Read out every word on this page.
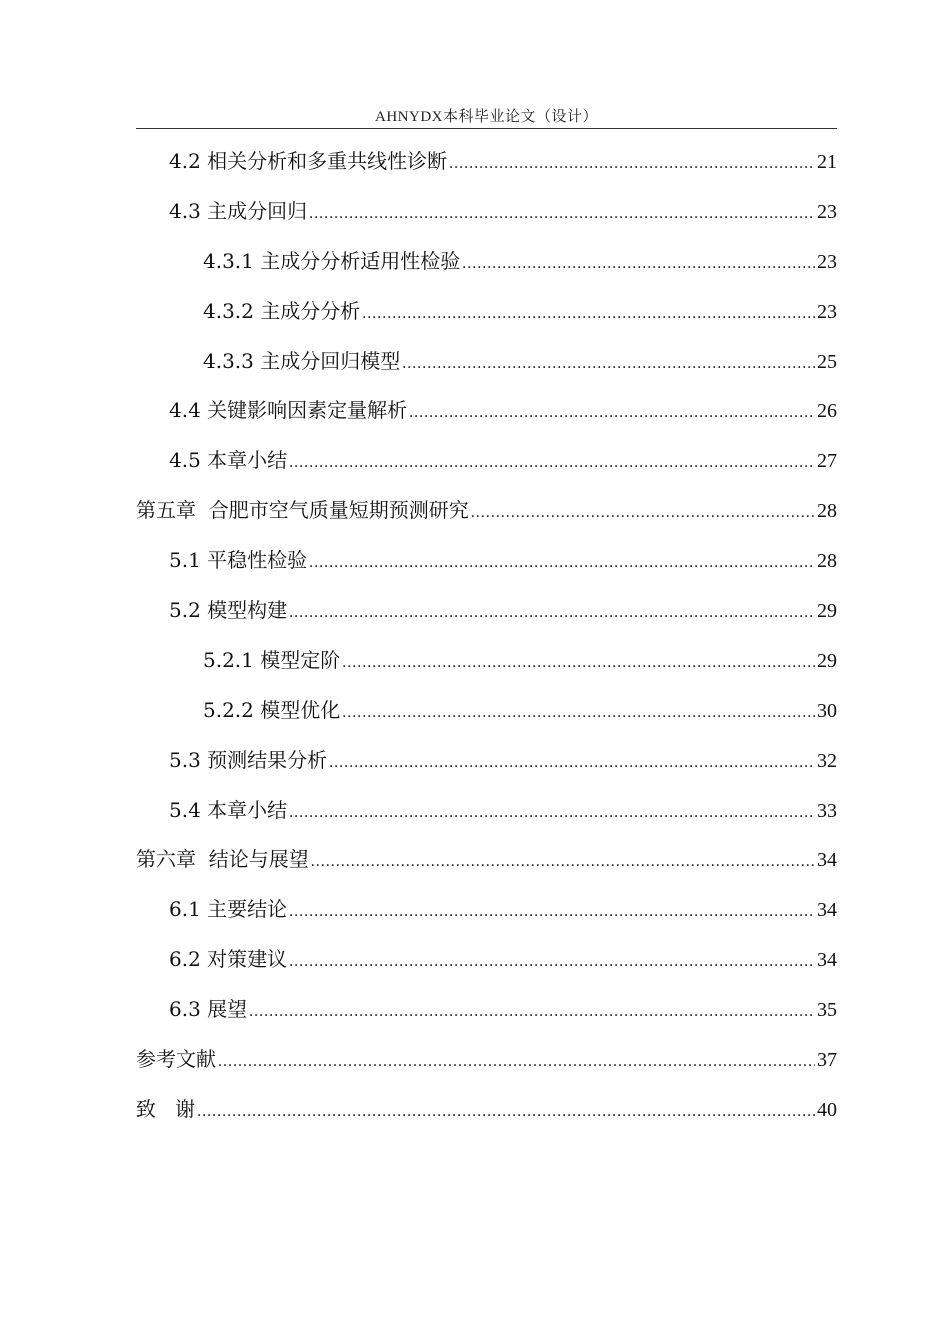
AHNYDX本科毕业论文（设计）
4.2 相关分析和多重共线性诊断 .....	21
4.3 主成分回归 .....	23
4.3.1 主成分分析适用性检验 .....	23
4.3.2 主成分分析 .....	23
4.3.3 主成分回归模型 .....	25
4.4 关键影响因素定量解析 .....	26
4.5 本章小结 .....	27
第五章  合肥市空气质量短期预测研究 .....	28
5.1 平稳性检验 .....	28
5.2 模型构建 .....	29
5.2.1 模型定阶 .....	29
5.2.2 模型优化 .....	30
5.3 预测结果分析 .....	32
5.4 本章小结 .....	33
第六章  结论与展望 .....	34
6.1 主要结论 .....	34
6.2 对策建议 .....	34
6.3 展望 .....	35
参考文献 .....	37
致   谢 .....	40
